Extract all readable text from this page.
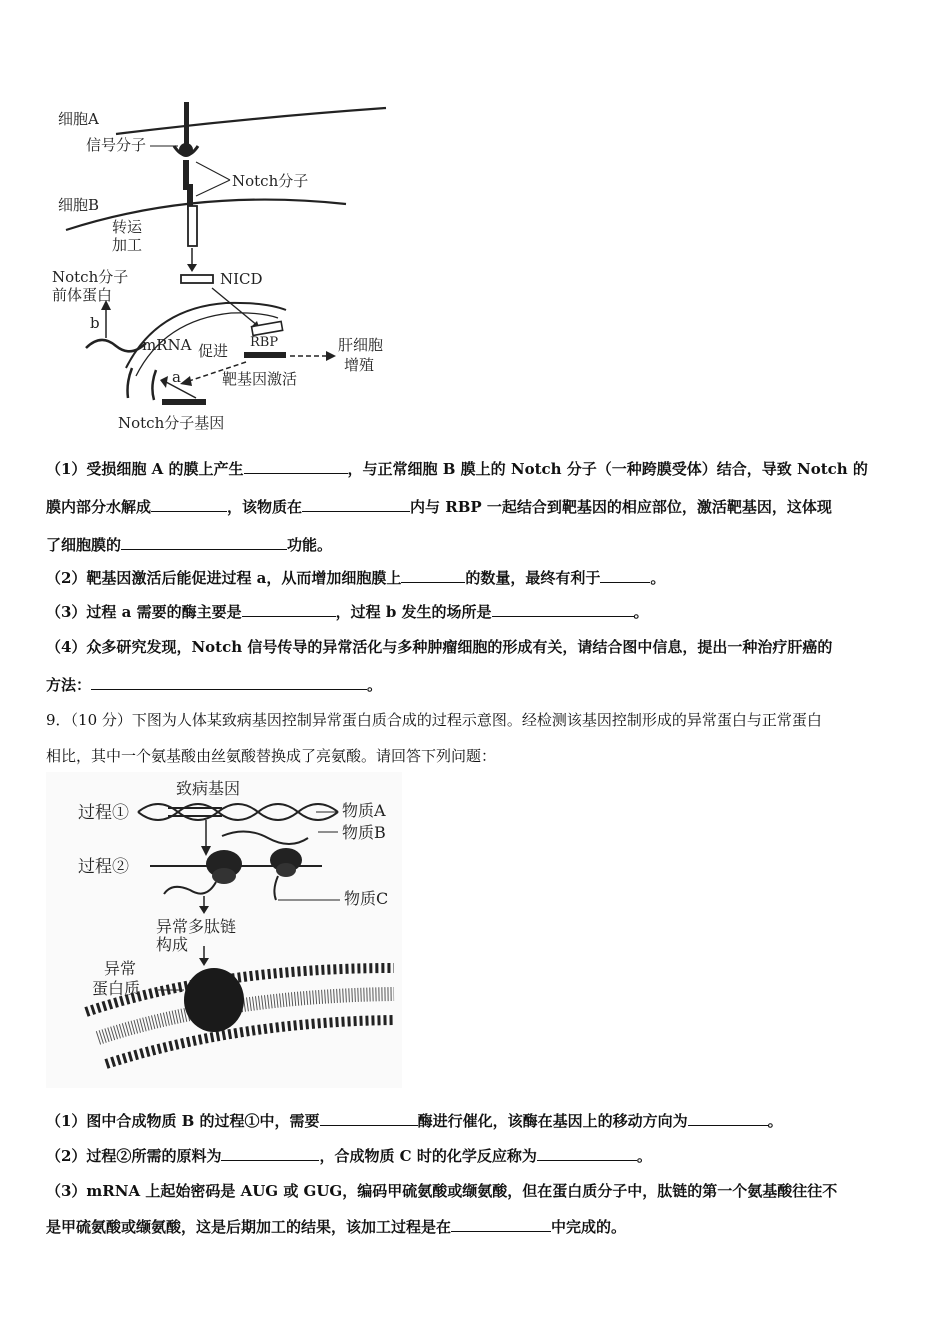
细胞A
信号分子
Notch分子
细胞B
转运
加工
NICD
Notch分子
前体蛋白
b
mRNA 促进 RBP	肝细胞
增殖
a	靶基因激活
Notch分子基因
（1）受损细胞 A 的膜上产生	，与正常细胞 B 膜上的 Notch 分子（一种跨膜受体）结合，导致 Notch 的
膜内部分水解成	，该物质在	内与 RBP 一起结合到靶基因的相应部位，激活靶基因，这体现
了细胞膜的	功能。
（2）靶基因激活后能促进过程 a，从而增加细胞膜上	的数量，最终有利于	。
（3）过程 a 需要的酶主要是	，过程 b 发生的场所是	。
（4）众多研究发现，Notch 信号传导的异常活化与多种肿瘤细胞的形成有关，请结合图中信息，提出一种治疗肝癌的
方法：	。
9．（10 分）下图为人体某致病基因控制异常蛋白质合成的过程示意图。经检测该基因控制形成的异常蛋白与正常蛋白
相比，其中一个氨基酸由丝氨酸替换成了亮氨酸。请回答下列问题：
致病基因
过程①	物质A
物质B
过程②
物质C
异常多肽链
构成
异常
蛋白质
（1）图中合成物质 B 的过程①中，需要	酶进行催化，该酶在基因上的移动方向为	。
（2）过程②所需的原料为	，合成物质 C 时的化学反应称为	。
（3）mRNA 上起始密码是 AUG 或 GUG，编码甲硫氨酸或缬氨酸，但在蛋白质分子中，肽链的第一个氨基酸往往不
是甲硫氨酸或缬氨酸，这是后期加工的结果，该加工过程是在	中完成的。
